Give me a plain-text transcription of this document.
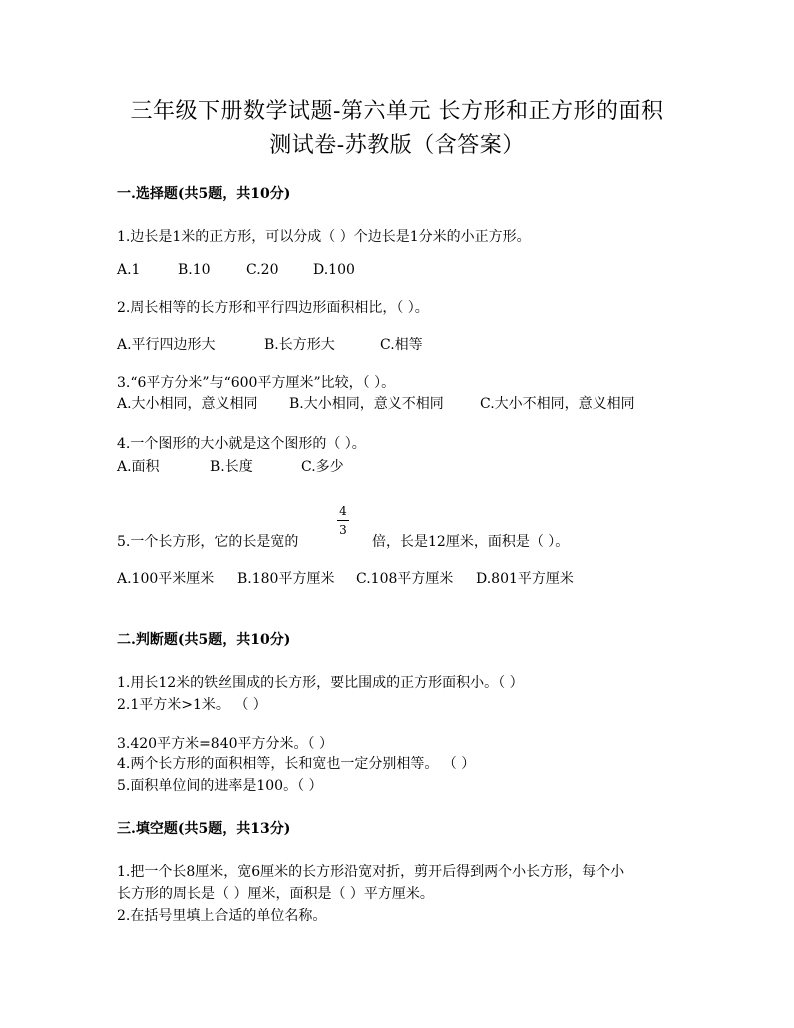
三年级下册数学试题-第六单元 长方形和正方形的面积
测试卷-苏教版（含答案）
一.选择题(共5题，共10分)
1.边长是1米的正方形，可以分成（ ）个边长是1分米的小正方形。
A.1	B.10	C.20 D.100
2.周长相等的长方形和平行四边形面积相比，（ ）。
A.平行四边形大	B.长方形大	C.相等
3.“6平方分米”与“600平方厘米”比较，（ ）。
A.大小相同，意义相同 B.大小相同，意义不相同	C.大小不相同，意义相同
4.一个图形的大小就是这个图形的（ ）。
A.面积	B.长度	C.多少
5.一个长方形，它的长是宽的
4
3
倍，长是12厘米，面积是（ ）。
A.100平米厘米 B.180平方厘米 C.108平方厘米 D.801平方厘米
二.判断题(共5题，共10分)
1.用长12米的铁丝围成的长方形，要比围成的正方形面积小。（ ）
2.1平方米>1米。 （ ）
3.420平方米=840平方分米。（ ）
4.两个长方形的面积相等，长和宽也一定分别相等。 （ ）
5.面积单位间的进率是100。（ ）
三.填空题(共5题，共13分)
1.把一个长8厘米，宽6厘米的长方形沿宽对折，剪开后得到两个小长方形，每个小
长方形的周长是（ ）厘米，面积是（ ）平方厘米。
2.在括号里填上合适的单位名称。
